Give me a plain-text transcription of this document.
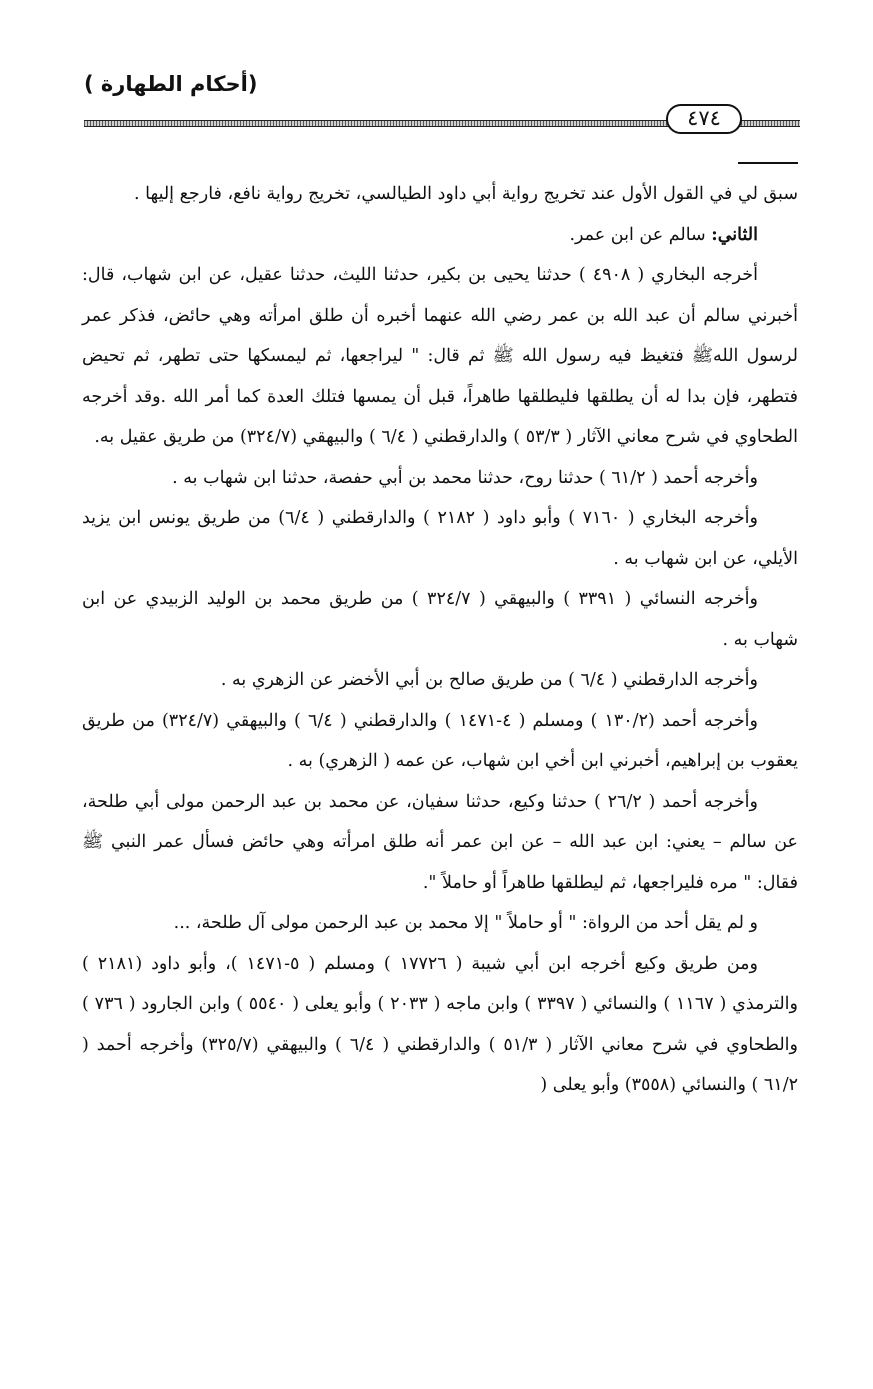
(أحكام الطهارة )
٤٧٤

سبق لي في القول الأول عند تخريج رواية أبي داود الطيالسي، تخريج رواية نافع، فارجع إليها .

الثاني: سالم عن ابن عمر.

أخرجه البخاري ( ٤٩٠٨ ) حدثنا يحيى بن بكير، حدثنا الليث، حدثنا عقيل، عن ابن شهاب، قال: أخبرني سالم أن عبد الله بن عمر رضي الله عنهما أخبره أن طلق امرأته وهي حائض، فذكر عمر لرسول اللهﷺ فتغيظ فيه رسول الله ﷺ ثم قال: " ليراجعها، ثم ليمسكها حتى تطهر، ثم تحيض فتطهر، فإن بدا له أن يطلقها فليطلقها طاهراً، قبل أن يمسها فتلك العدة كما أمر الله .وقد أخرجه الطحاوي في شرح معاني الآثار ( ٥٣/٣ ) والدارقطني ( ٦/٤ ) والبيهقي (٣٢٤/٧) من طريق عقيل به.

وأخرجه أحمد ( ٦١/٢ ) حدثنا روح، حدثنا محمد بن أبي حفصة، حدثنا ابن شهاب به .

وأخرجه البخاري ( ٧١٦٠ ) وأبو داود ( ٢١٨٢ ) والدارقطني ( ٦/٤) من طريق يونس ابن يزيد الأيلي، عن ابن شهاب به .

وأخرجه النسائي ( ٣٣٩١ ) والبيهقي ( ٣٢٤/٧ ) من طريق محمد بن الوليد الزبيدي عن ابن شهاب به .

وأخرجه الدارقطني ( ٦/٤ ) من طريق صالح بن أبي الأخضر عن الزهري به .

وأخرجه أحمد (١٣٠/٢ ) ومسلم ( ٤-١٤٧١ ) والدارقطني ( ٦/٤ ) والبيهقي (٣٢٤/٧) من طريق يعقوب بن إبراهيم، أخبرني ابن أخي ابن شهاب، عن عمه ( الزهري) به .

وأخرجه أحمد ( ٢٦/٢ ) حدثنا وكيع، حدثنا سفيان، عن محمد بن عبد الرحمن مولى أبي طلحة، عن سالم – يعني: ابن عبد الله – عن ابن عمر أنه طلق امرأته وهي حائض فسأل عمر النبي ﷺ فقال: " مره فليراجعها، ثم ليطلقها طاهراً أو حاملاً ".

و لم يقل أحد من الرواة: " أو حاملاً " إلا محمد بن عبد الرحمن مولى آل طلحة، ...

ومن طريق وكيع أخرجه ابن أبي شيبة ( ١٧٧٢٦ ) ومسلم ( ٥-١٤٧١ )، وأبو داود (٢١٨١ ) والترمذي ( ١١٦٧ ) والنسائي ( ٣٣٩٧ ) وابن ماجه ( ٢٠٣٣ ) وأبو يعلى ( ٥٥٤٠ ) وابن الجارود ( ٧٣٦ ) والطحاوي في شرح معاني الآثار ( ٥١/٣ ) والدارقطني ( ٦/٤ ) والبيهقي (٣٢٥/٧) وأخرجه أحمد ( ٦١/٢ ) والنسائي (٣٥٥٨) وأبو يعلى (
